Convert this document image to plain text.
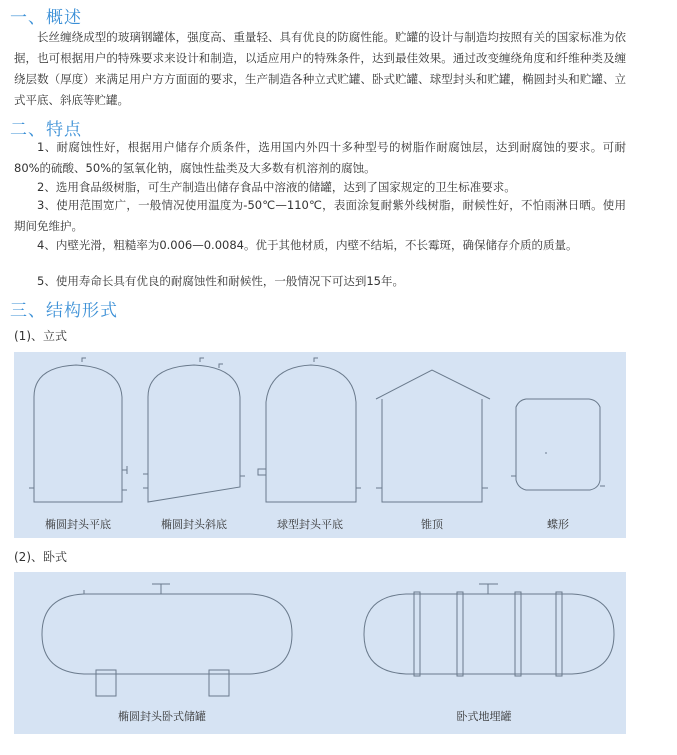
一、概述

长丝缠绕成型的玻璃钢罐体，强度高、重量轻、具有优良的防腐性能。贮罐的设计与制造均按照有关的国家标准为依据，也可根据用户的特殊要求来设计和制造，以适应用户的特殊条件，达到最佳效果。通过改变缠绕角度和纤维种类及缠绕层数（厚度）来满足用户方方面面的要求，生产制造各种立式贮罐、卧式贮罐、球型封头和贮罐，椭圆封头和贮罐、立式平底、斜底等贮罐。

二、特点

1、耐腐蚀性好，根据用户储存介质条件，选用国内外四十多种型号的树脂作耐腐蚀层，达到耐腐蚀的要求。可耐80%的硫酸、50%的氢氧化钠，腐蚀性盐类及大多数有机溶剂的腐蚀。

2、选用食品级树脂，可生产制造出储存食品中溶液的储罐，达到了国家规定的卫生标准要求。

3、使用范围宽广，一般情况使用温度为-50℃—110℃，表面涂复耐紫外线树脂，耐候性好，不怕雨淋日晒。使用期间免维护。

4、内壁光滑，粗糙率为0.006—0.0084。优于其他材质，内壁不结垢，不长霉斑，确保储存介质的质量。

5、使用寿命长具有优良的耐腐蚀性和耐候性，一般情况下可达到15年。

三、结构形式

(1)、立式

椭圆封头平底	椭圆封头斜底	球型封头平底	锥顶	蝶形

(2)、卧式

椭圆封头卧式储罐	卧式地埋罐
